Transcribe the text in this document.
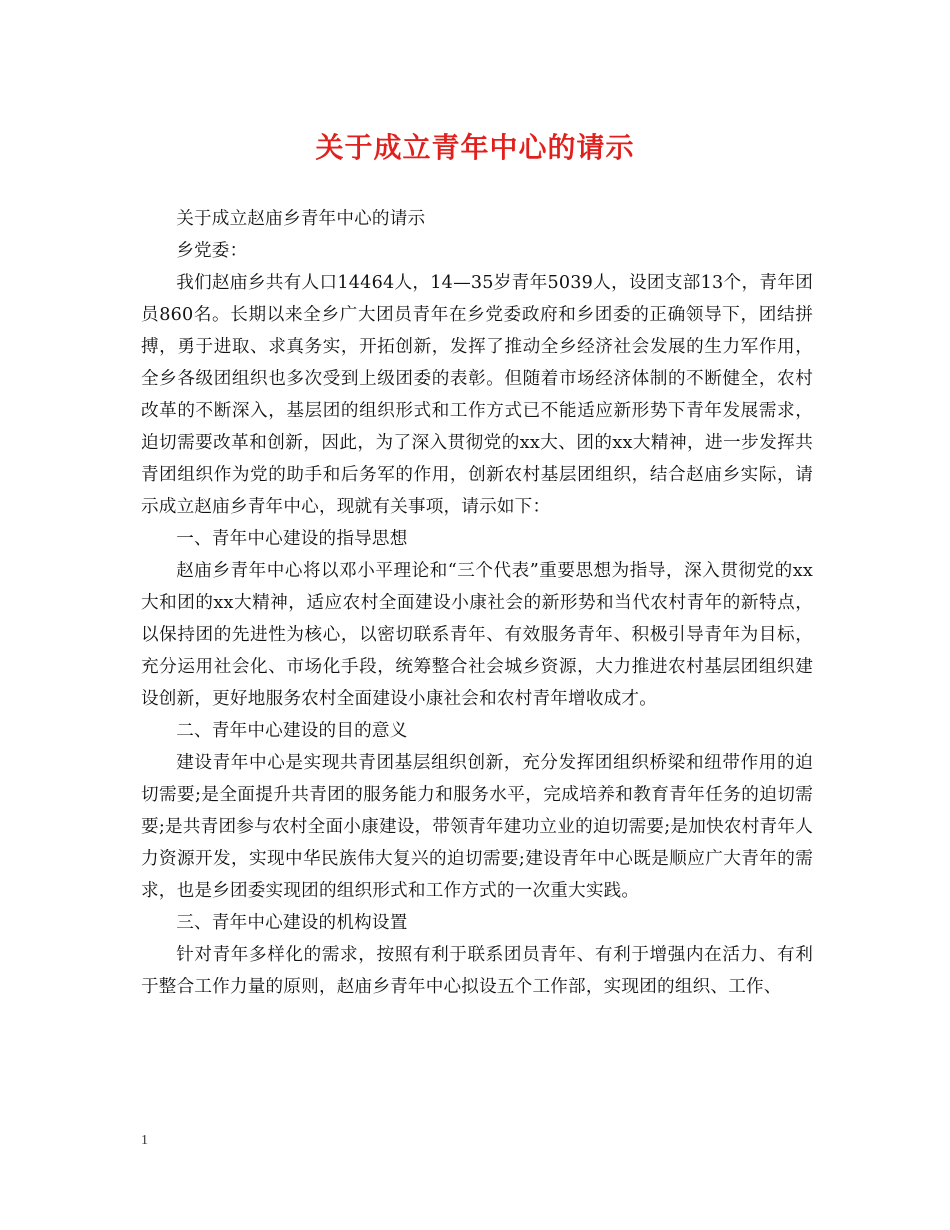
关于成立青年中心的请示

关于成立赵庙乡青年中心的请示

乡党委：

我们赵庙乡共有人口14464人，14—35岁青年5039人，设团支部13个，青年团员860名。长期以来全乡广大团员青年在乡党委政府和乡团委的正确领导下，团结拼搏，勇于进取、求真务实，开拓创新，发挥了推动全乡经济社会发展的生力军作用，全乡各级团组织也多次受到上级团委的表彰。但随着市场经济体制的不断健全，农村改革的不断深入，基层团的组织形式和工作方式已不能适应新形势下青年发展需求，迫切需要改革和创新，因此，为了深入贯彻党的xx大、团的xx大精神，进一步发挥共青团组织作为党的助手和后务军的作用，创新农村基层团组织，结合赵庙乡实际，请示成立赵庙乡青年中心，现就有关事项，请示如下：

一、青年中心建设的指导思想

赵庙乡青年中心将以邓小平理论和“三个代表”重要思想为指导，深入贯彻党的xx大和团的xx大精神，适应农村全面建设小康社会的新形势和当代农村青年的新特点，以保持团的先进性为核心，以密切联系青年、有效服务青年、积极引导青年为目标，充分运用社会化、市场化手段，统筹整合社会城乡资源，大力推进农村基层团组织建设创新，更好地服务农村全面建设小康社会和农村青年增收成才。

二、青年中心建设的目的意义

建设青年中心是实现共青团基层组织创新，充分发挥团组织桥梁和纽带作用的迫切需要;是全面提升共青团的服务能力和服务水平，完成培养和教育青年任务的迫切需要;是共青团参与农村全面小康建设，带领青年建功立业的迫切需要;是加快农村青年人力资源开发，实现中华民族伟大复兴的迫切需要;建设青年中心既是顺应广大青年的需求，也是乡团委实现团的组织形式和工作方式的一次重大实践。

三、青年中心建设的机构设置

针对青年多样化的需求，按照有利于联系团员青年、有利于增强内在活力、有利于整合工作力量的原则，赵庙乡青年中心拟设五个工作部，实现团的组织、工作、

1
